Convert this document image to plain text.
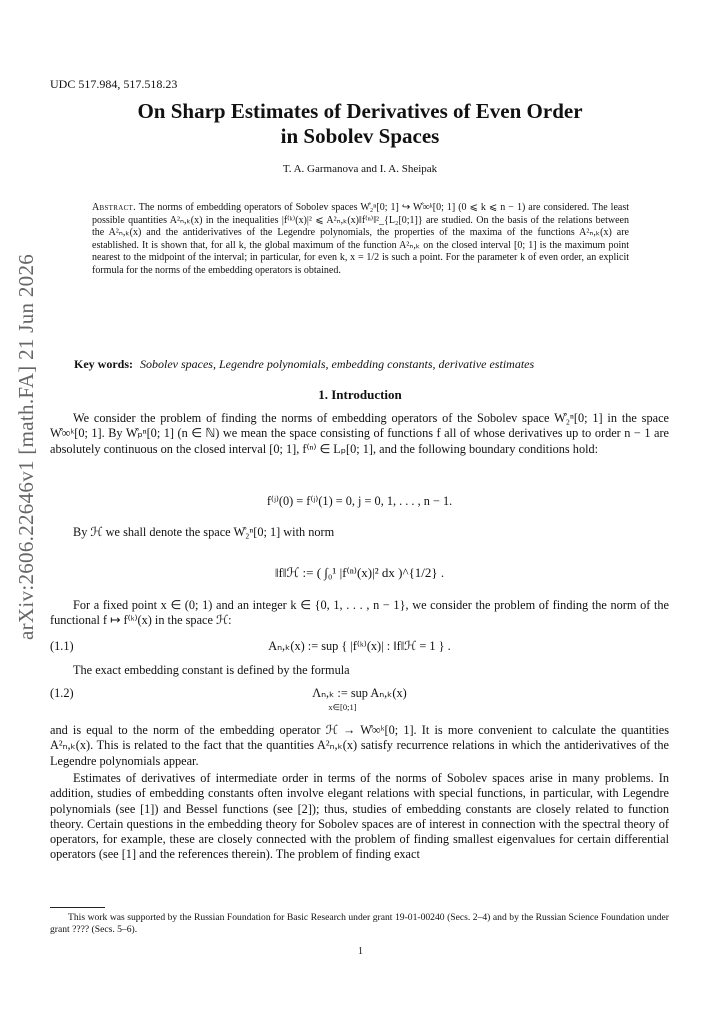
arXiv:2606.22646v1 [math.FA] 21 Jun 2026
UDC 517.984, 517.518.23
On Sharp Estimates of Derivatives of Even Order
in Sobolev Spaces
T. A. Garmanova and I. A. Sheipak
Abstract. The norms of embedding operators of Sobolev spaces W̊₂ⁿ[0; 1] ↪ W̊∞ᵏ[0; 1] (0 ⩽ k ⩽ n − 1) are considered. The least possible quantities A²ₙ,ₖ(x) in the inequalities |f⁽ᵏ⁾(x)|² ⩽ A²ₙ,ₖ(x)‖f⁽ⁿ⁾‖²_{L₂[0;1]} are studied. On the basis of the relations between the A²ₙ,ₖ(x) and the antiderivatives of the Legendre polynomials, the properties of the maxima of the functions A²ₙ,ₖ(x) are established. It is shown that, for all k, the global maximum of the function A²ₙ,ₖ on the closed interval [0; 1] is the maximum point nearest to the midpoint of the interval; in particular, for even k, x = 1/2 is such a point. For the parameter k of even order, an explicit formula for the norms of the embedding operators is obtained.
Key words: Sobolev spaces, Legendre polynomials, embedding constants, derivative estimates
1. Introduction
We consider the problem of finding the norms of embedding operators of the Sobolev space W̊₂ⁿ[0; 1] in the space W̊∞ᵏ[0; 1]. By W̊ₚⁿ[0; 1] (n ∈ ℕ) we mean the space consisting of functions f all of whose derivatives up to order n − 1 are absolutely continuous on the closed interval [0; 1], f⁽ⁿ⁾ ∈ Lₚ[0; 1], and the following boundary conditions hold:
f⁽ʲ⁾(0) = f⁽ʲ⁾(1) = 0, j = 0, 1, . . . , n − 1.
By ℋ we shall denote the space W̊₂ⁿ[0; 1] with norm
‖f‖ℋ := ( ∫₀¹ |f⁽ⁿ⁾(x)|² dx )^{1/2} .
For a fixed point x ∈ (0; 1) and an integer k ∈ {0, 1, . . . , n − 1}, we consider the problem of finding the norm of the functional f ↦ f⁽ᵏ⁾(x) in the space ℋ:
(1.1)	Aₙ,ₖ(x) := sup { |f⁽ᵏ⁾(x)| : ‖f‖ℋ = 1 } .
The exact embedding constant is defined by the formula
(1.2)	Λₙ,ₖ := sup Aₙ,ₖ(x)
x∈[0;1]
and is equal to the norm of the embedding operator ℋ → W̊∞ᵏ[0; 1]. It is more convenient to calculate the quantities A²ₙ,ₖ(x). This is related to the fact that the quantities A²ₙ,ₖ(x) satisfy recurrence relations in which the antiderivatives of the Legendre polynomials appear.
Estimates of derivatives of intermediate order in terms of the norms of Sobolev spaces arise in many problems. In addition, studies of embedding constants often involve elegant relations with special functions, in particular, with Legendre polynomials (see [1]) and Bessel functions (see [2]); thus, studies of embedding constants are closely related to function theory. Certain questions in the embedding theory for Sobolev spaces are of interest in connection with the spectral theory of operators, for example, these are closely connected with the problem of finding smallest eigenvalues for certain differential operators (see [1] and the references therein). The problem of finding exact
This work was supported by the Russian Foundation for Basic Research under grant 19-01-00240 (Secs. 2–4) and by the Russian Science Foundation under grant ???? (Secs. 5–6).
1
